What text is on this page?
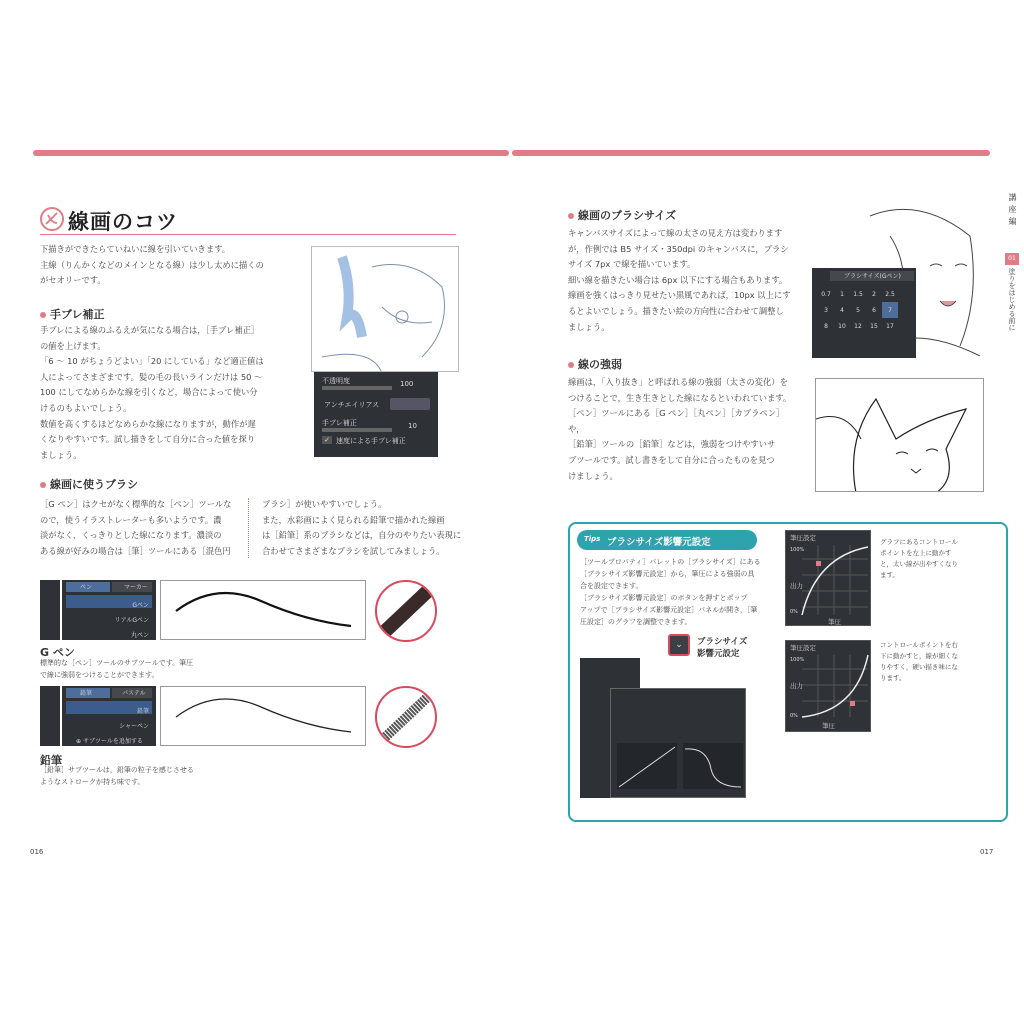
線画のコツ

下描きができたらていねいに線を引いていきます。

主線（りんかくなどのメインとなる線）は少し太めに描くの

がセオリーです。

不透明度	100
アンチエイリアス
手ブレ補正	10
✓ 速度による手ブレ補正
手ブレ補正

手ブレによる線のふるえが気になる場合は，［手ブレ補正］

の値を上げます。

「6 〜 10 がちょうどよい」「20 にしている」など適正値は

人によってさまざまです。髪の毛の長いラインだけは 50 〜

100 にしてなめらかな線を引くなど，場合によって使い分

けるのもよいでしょう。

数値を高くするほどなめらかな線になりますが，動作が遅

くなりやすいです。試し描きをして自分に合った値を探り

ましょう。

線画に使うブラシ

［G ペン］はクセがなく標準的な［ペン］ツールな

ので，使うイラストレーターも多いようです。濃

淡がなく，くっきりとした線になります。濃淡の

ある線が好みの場合は［筆］ツールにある［混色円

ブラシ］が使いやすいでしょう。

また，水彩画によく見られる鉛筆で描かれた線画

は［鉛筆］系のブラシなどは，自分のやりたい表現に

合わせてさまざまなブラシを試してみましょう。

ペン	マーカー
Gペン
リアルGペン
丸ペン
G ペン

標準的な［ペン］ツールのサブツールです。筆圧

で線に強弱をつけることができます。

鉛筆	パステル
鉛筆
シャーペン
⊕ サブツールを追加する
鉛筆

［鉛筆］サブツールは，鉛筆の粒子を感じさせる

ようなストロークが持ち味です。

016
線画のブラシサイズ

キャンバスサイズによって線の太さの見え方は変わります

が，作例では B5 サイズ・350dpi のキャンバスに，ブラシ

サイズ 7px で線を描いています。

細い線を描きたい場合は 6px 以下にする場合もあります。

線画を強くはっきり見せたい黒風であれば，10px 以上にす

るとよいでしょう。描きたい絵の方向性に合わせて調整し

ましょう。

ブラシサイズ(Gペン)
0.7	1	1.5	2	2.5
3	4	5	6	7
8	10	12	15	17
線の強弱

線画は，「入り抜き」と呼ばれる線の強弱（太さの変化）を

つけることで，生き生きとした線になるといわれています。

［ペン］ツールにある［G ペン］［丸ペン］［カブラペン］や，

［鉛筆］ツールの［鉛筆］などは，強弱をつけやすいサ

ブツールです。試し書きをして自分に合ったものを見つ

けましょう。

Tips ブラシサイズ影響元設定

［ツールプロパティ］パレットの［ブラシサイズ］にある

［ブラシサイズ影響元設定］から，筆圧による強弱の具

合を設定できます。

［ブラシサイズ影響元設定］のボタンを押すとポップ

アップで［ブラシサイズ影響元設定］パネルが開き，［筆

圧設定］のグラフを調整できます。

⌄	ブラシサイズ

影響元設定

筆圧設定
100%
出力
0%
筆圧

グラフにあるコントロール

ポイントを左上に動かす

と，太い線が出やすくなり

ます。

筆圧設定
100%
出力
0%
筆圧

コントロールポイントを右

下に動かすと，線が細くな

りやすく，硬い描き味にな

ります。

講座編
01
塗りをはじめる前に
017
